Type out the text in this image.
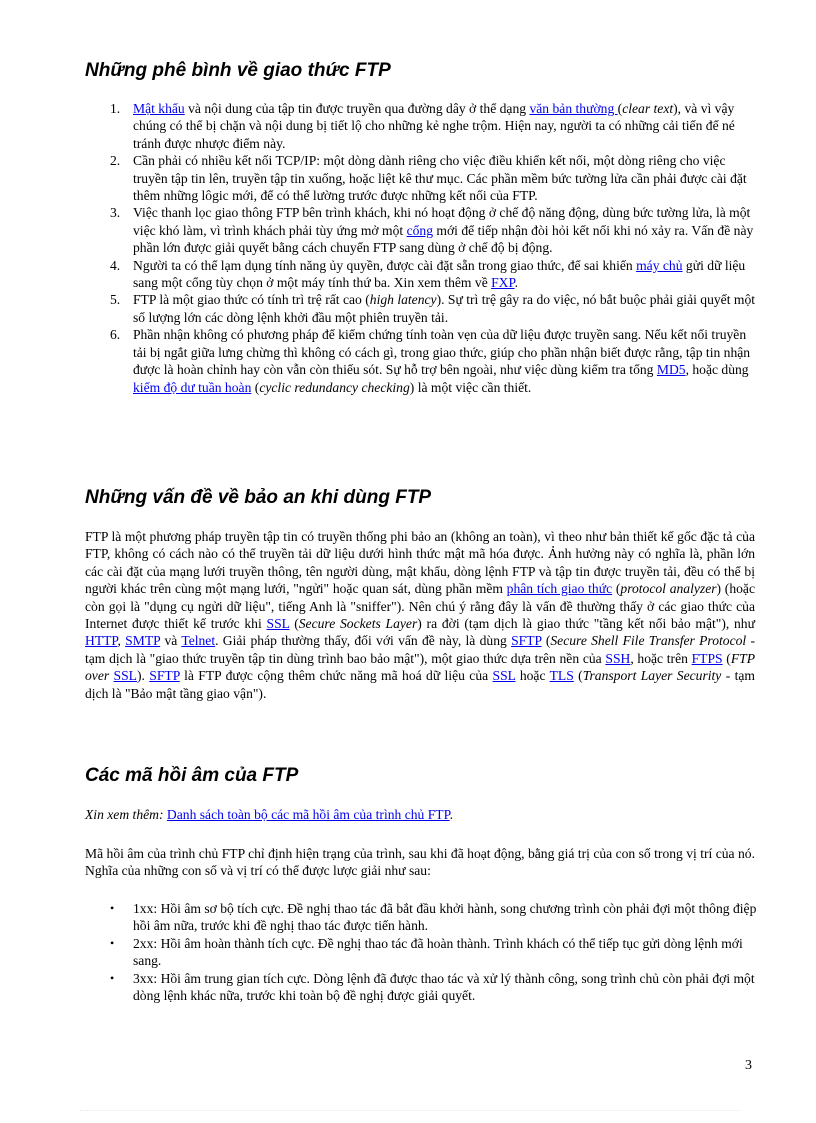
Những phê bình về giao thức FTP
1. Mật khẩu và nội dung của tập tin được truyền qua đường dây ở thể dạng văn bản thường (clear text), và vì vậy chúng có thể bị chặn và nội dung bị tiết lộ cho những kẻ nghe trộm. Hiện nay, người ta có những cải tiến để né tránh được nhược điểm này.
2. Cần phải có nhiều kết nối TCP/IP: một dòng dành riêng cho việc điều khiển kết nối, một dòng riêng cho việc truyền tập tin lên, truyền tập tin xuống, hoặc liệt kê thư mục. Các phần mềm bức tường lửa cần phải được cài đặt thêm những lôgic mới, để có thể lường trước được những kết nối của FTP.
3. Việc thanh lọc giao thông FTP bên trình khách, khi nó hoạt động ở chế độ năng động, dùng bức tường lửa, là một việc khó làm, vì trình khách phải tùy ứng mở một cổng mới để tiếp nhận đòi hỏi kết nối khi nó xảy ra. Vấn đề này phần lớn được giải quyết bằng cách chuyển FTP sang dùng ở chế độ bị động.
4. Người ta có thể lạm dụng tính năng ủy quyền, được cài đặt sẵn trong giao thức, để sai khiến máy chủ gửi dữ liệu sang một cổng tùy chọn ở một máy tính thứ ba. Xin xem thêm về FXP.
5. FTP là một giao thức có tính trì trệ rất cao (high latency). Sự trì trệ gây ra do việc, nó bắt buộc phải giải quyết một số lượng lớn các dòng lệnh khởi đầu một phiên truyền tải.
6. Phần nhận không có phương pháp để kiểm chứng tính toàn vẹn của dữ liệu được truyền sang. Nếu kết nối truyền tải bị ngắt giữa lưng chừng thì không có cách gì, trong giao thức, giúp cho phần nhận biết được rằng, tập tin nhận được là hoàn chỉnh hay còn vẫn còn thiếu sót. Sự hỗ trợ bên ngoài, như việc dùng kiểm tra tổng MD5, hoặc dùng kiểm độ dư tuần hoàn (cyclic redundancy checking) là một việc cần thiết.
Những vấn đề về bảo an khi dùng FTP

FTP là một phương pháp truyền tập tin có truyền thống phi bảo an (không an toàn), vì theo như bản thiết kế gốc đặc tả của FTP, không có cách nào có thể truyền tải dữ liệu dưới hình thức mật mã hóa được. Ảnh hưởng này có nghĩa là, phần lớn các cài đặt của mạng lưới truyền thông, tên người dùng, mật khẩu, dòng lệnh FTP và tập tin được truyền tải, đều có thể bị người khác trên cùng một mạng lưới, "ngửi" hoặc quan sát, dùng phần mềm phân tích giao thức (protocol analyzer) (hoặc còn gọi là "dụng cụ ngửi dữ liệu", tiếng Anh là "sniffer"). Nên chú ý rằng đây là vấn đề thường thấy ở các giao thức của Internet được thiết kế trước khi SSL (Secure Sockets Layer) ra đời (tạm dịch là giao thức "tầng kết nối bảo mật"), như HTTP, SMTP và Telnet. Giải pháp thường thấy, đối với vấn đề này, là dùng SFTP (Secure Shell File Transfer Protocol - tạm dịch là "giao thức truyền tập tin dùng trình bao bảo mật"), một giao thức dựa trên nền của SSH, hoặc trên FTPS (FTP over SSL). SFTP là FTP được cộng thêm chức năng mã hoá dữ liệu của SSL hoặc TLS (Transport Layer Security - tạm dịch là "Bảo mật tầng giao vận").

Các mã hồi âm của FTP

Xin xem thêm: Danh sách toàn bộ các mã hồi âm của trình chủ FTP.

Mã hồi âm của trình chủ FTP chỉ định hiện trạng của trình, sau khi đã hoạt động, bằng giá trị của con số trong vị trí của nó. Nghĩa của những con số và vị trí có thể được lược giải như sau:

• 1xx: Hồi âm sơ bộ tích cực. Đề nghị thao tác đã bắt đầu khởi hành, song chương trình còn phải đợi một thông điệp hồi âm nữa, trước khi đề nghị thao tác được tiến hành.
• 2xx: Hồi âm hoàn thành tích cực. Đề nghị thao tác đã hoàn thành. Trình khách có thể tiếp tục gửi dòng lệnh mới sang.
• 3xx: Hồi âm trung gian tích cực. Dòng lệnh đã được thao tác và xử lý thành công, song trình chủ còn phải đợi một dòng lệnh khác nữa, trước khi toàn bộ đề nghị được giải quyết.
3
